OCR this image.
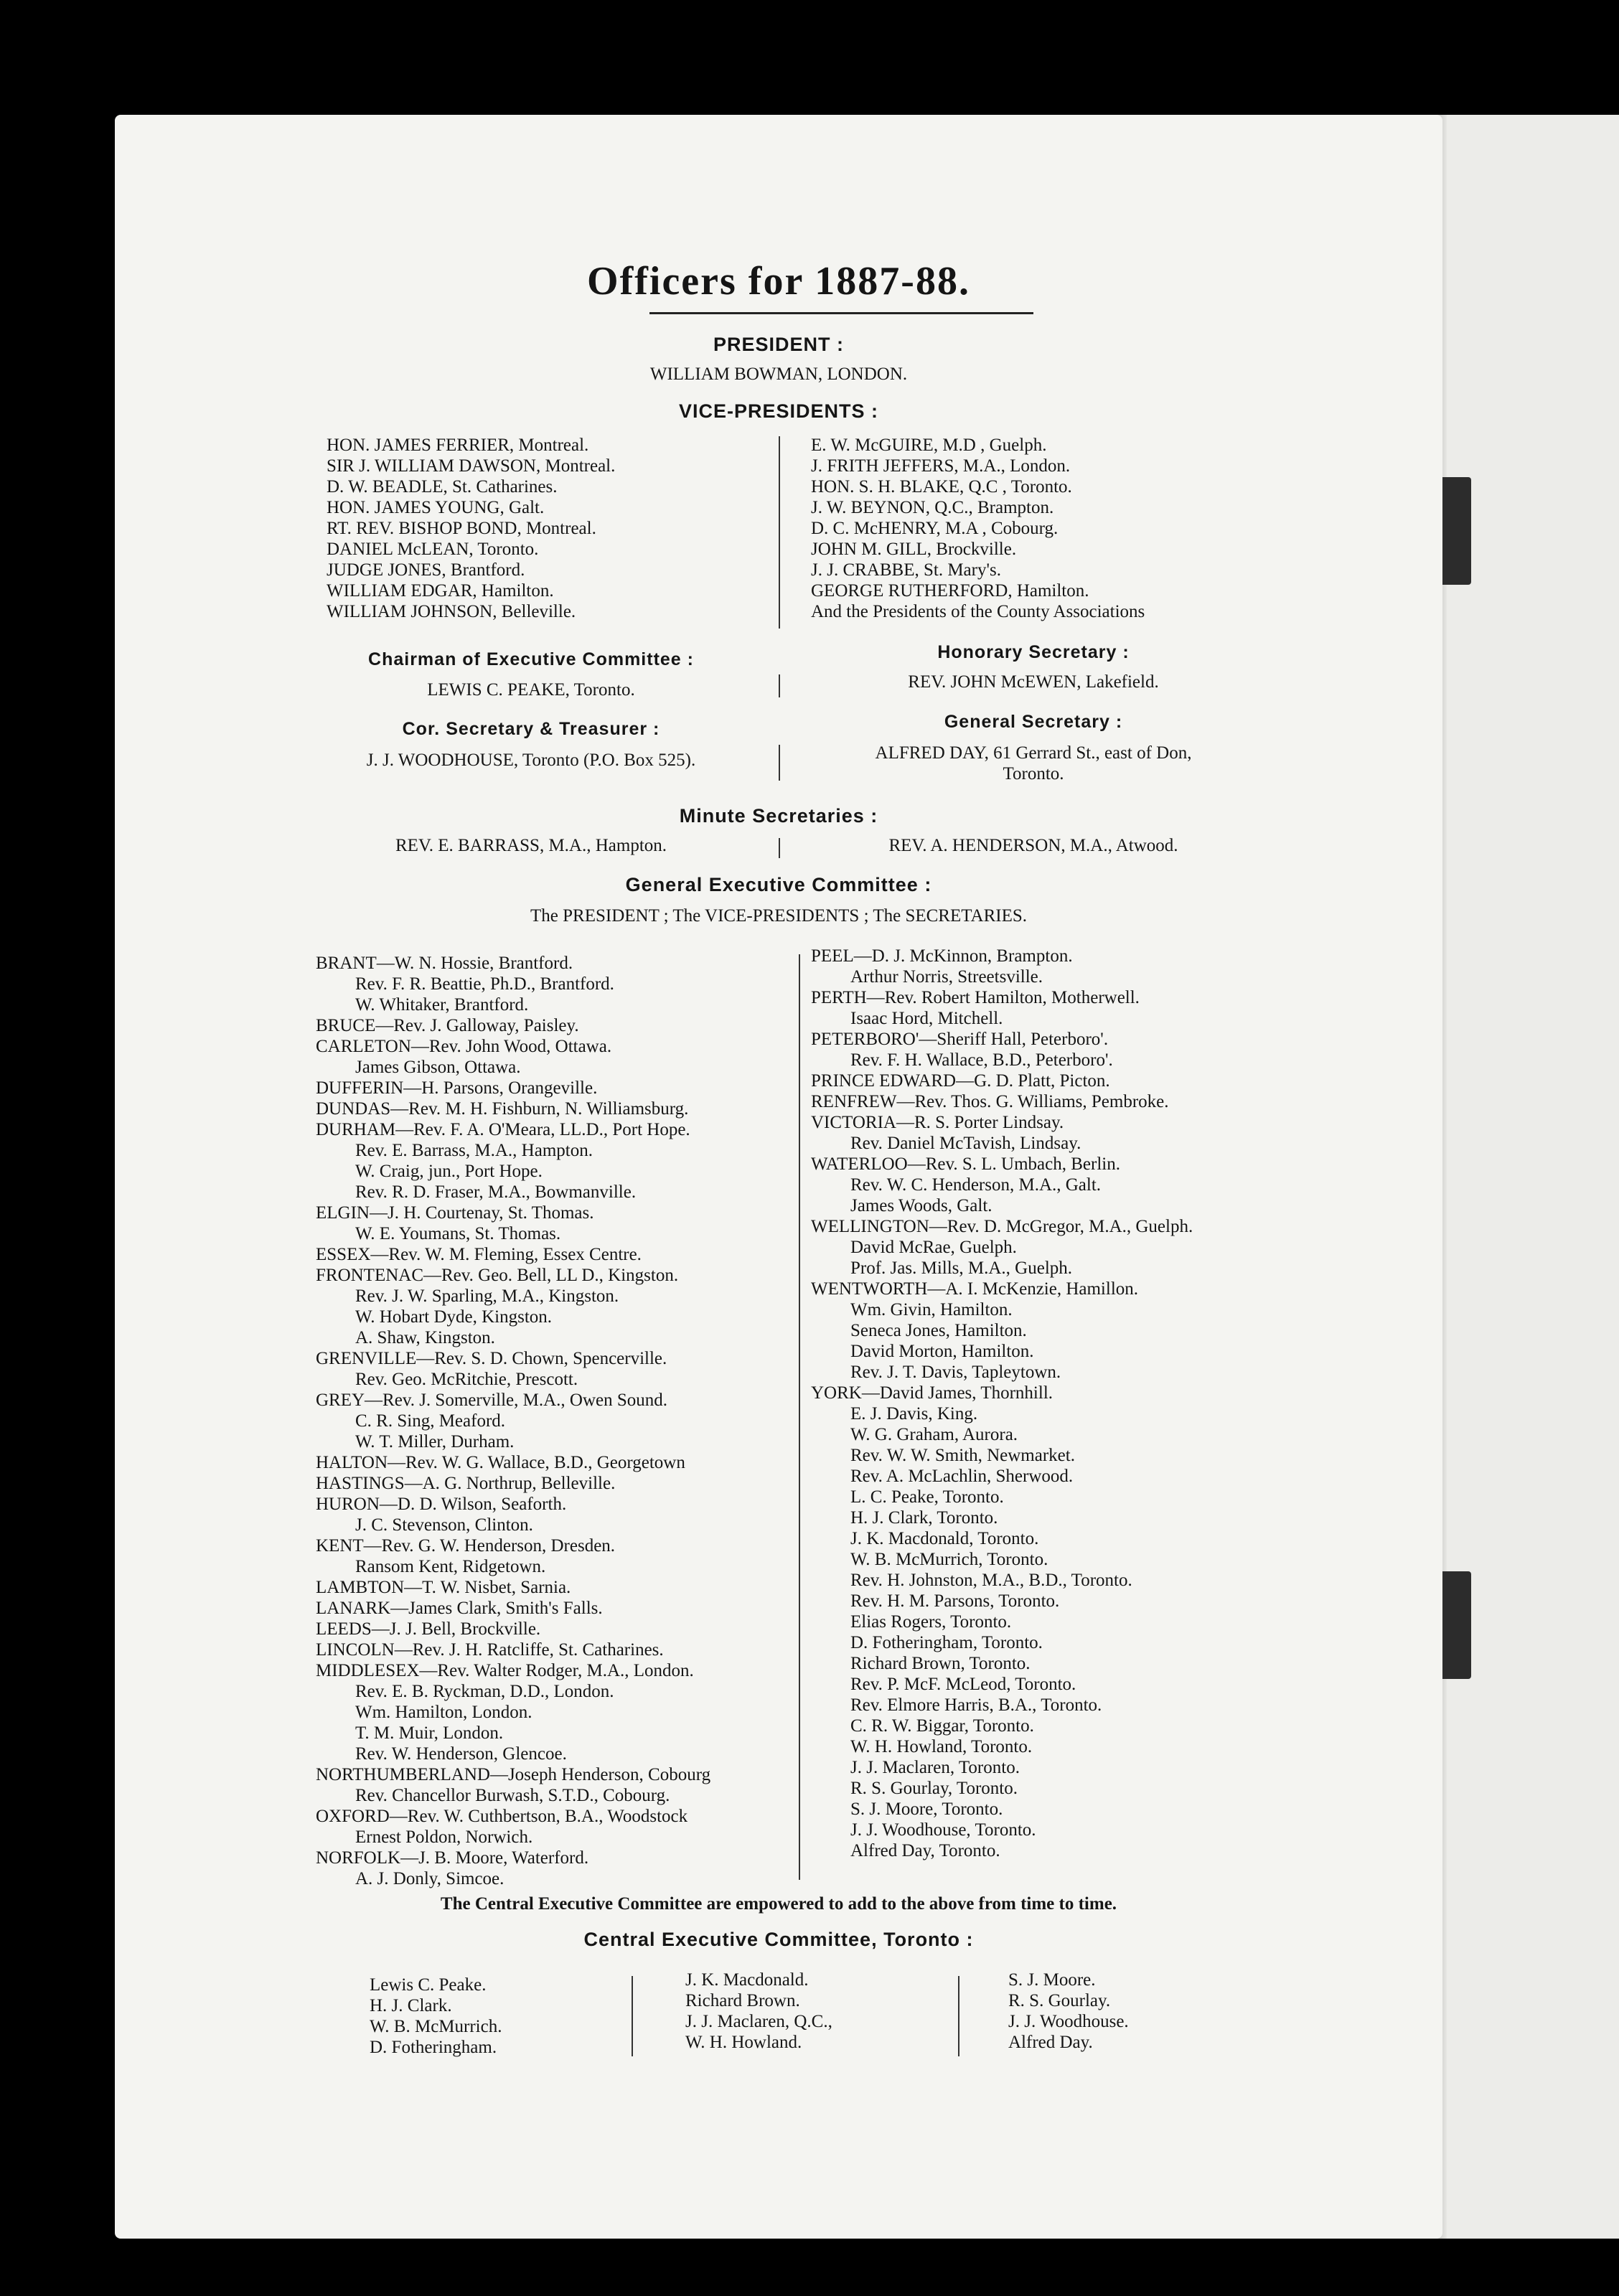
Officers for 1887-88.
PRESIDENT :
WILLIAM BOWMAN, LONDON.
VICE-PRESIDENTS :
HON. JAMES FERRIER, Montreal.
SIR J. WILLIAM DAWSON, Montreal.
D. W. BEADLE, St. Catharines.
HON. JAMES YOUNG, Galt.
RT. REV. BISHOP BOND, Montreal.
DANIEL McLEAN, Toronto.
JUDGE JONES, Brantford.
WILLIAM EDGAR, Hamilton.
WILLIAM JOHNSON, Belleville.
E. W. McGUIRE, M.D , Guelph.
J. FRITH JEFFERS, M.A., London.
HON. S. H. BLAKE, Q.C , Toronto.
J. W. BEYNON, Q.C., Brampton.
D. C. McHENRY, M.A , Cobourg.
JOHN M. GILL, Brockville.
J. J. CRABBE, St. Mary's.
GEORGE RUTHERFORD, Hamilton.
And the Presidents of the County Associations
Chairman of Executive Committee :
LEWIS C. PEAKE, Toronto.
Honorary Secretary :
REV. JOHN McEWEN, Lakefield.
Cor. Secretary & Treasurer :
J. J. WOODHOUSE, Toronto (P.O. Box 525).
General Secretary :
ALFRED DAY, 61 Gerrard St., east of Don,
Toronto.
Minute Secretaries :
REV. E. BARRASS, M.A., Hampton.	REV. A. HENDERSON, M.A., Atwood.
General Executive Committee :
The PRESIDENT ; The VICE-PRESIDENTS ; The SECRETARIES.
BRANT—W. N. Hossie, Brantford.
Rev. F. R. Beattie, Ph.D., Brantford.
W. Whitaker, Brantford.
BRUCE—Rev. J. Galloway, Paisley.
CARLETON—Rev. John Wood, Ottawa.
James Gibson, Ottawa.
DUFFERIN—H. Parsons, Orangeville.
DUNDAS—Rev. M. H. Fishburn, N. Williamsburg.
DURHAM—Rev. F. A. O'Meara, LL.D., Port Hope.
Rev. E. Barrass, M.A., Hampton.
W. Craig, jun., Port Hope.
Rev. R. D. Fraser, M.A., Bowmanville.
ELGIN—J. H. Courtenay, St. Thomas.
W. E. Youmans, St. Thomas.
ESSEX—Rev. W. M. Fleming, Essex Centre.
FRONTENAC—Rev. Geo. Bell, LL D., Kingston.
Rev. J. W. Sparling, M.A., Kingston.
W. Hobart Dyde, Kingston.
A. Shaw, Kingston.
GRENVILLE—Rev. S. D. Chown, Spencerville.
Rev. Geo. McRitchie, Prescott.
GREY—Rev. J. Somerville, M.A., Owen Sound.
C. R. Sing, Meaford.
W. T. Miller, Durham.
HALTON—Rev. W. G. Wallace, B.D., Georgetown
HASTINGS—A. G. Northrup, Belleville.
HURON—D. D. Wilson, Seaforth.
J. C. Stevenson, Clinton.
KENT—Rev. G. W. Henderson, Dresden.
Ransom Kent, Ridgetown.
LAMBTON—T. W. Nisbet, Sarnia.
LANARK—James Clark, Smith's Falls.
LEEDS—J. J. Bell, Brockville.
LINCOLN—Rev. J. H. Ratcliffe, St. Catharines.
MIDDLESEX—Rev. Walter Rodger, M.A., London.
Rev. E. B. Ryckman, D.D., London.
Wm. Hamilton, London.
T. M. Muir, London.
Rev. W. Henderson, Glencoe.
NORTHUMBERLAND—Joseph Henderson, Cobourg
Rev. Chancellor Burwash, S.T.D., Cobourg.
OXFORD—Rev. W. Cuthbertson, B.A., Woodstock
Ernest Poldon, Norwich.
NORFOLK—J. B. Moore, Waterford.
A. J. Donly, Simcoe.
PEEL—D. J. McKinnon, Brampton.
Arthur Norris, Streetsville.
PERTH—Rev. Robert Hamilton, Motherwell.
Isaac Hord, Mitchell.
PETERBORO'—Sheriff Hall, Peterboro'.
Rev. F. H. Wallace, B.D., Peterboro'.
PRINCE EDWARD—G. D. Platt, Picton.
RENFREW—Rev. Thos. G. Williams, Pembroke.
VICTORIA—R. S. Porter Lindsay.
Rev. Daniel McTavish, Lindsay.
WATERLOO—Rev. S. L. Umbach, Berlin.
Rev. W. C. Henderson, M.A., Galt.
James Woods, Galt.
WELLINGTON—Rev. D. McGregor, M.A., Guelph.
David McRae, Guelph.
Prof. Jas. Mills, M.A., Guelph.
WENTWORTH—A. I. McKenzie, Hamillon.
Wm. Givin, Hamilton.
Seneca Jones, Hamilton.
David Morton, Hamilton.
Rev. J. T. Davis, Tapleytown.
YORK—David James, Thornhill.
E. J. Davis, King.
W. G. Graham, Aurora.
Rev. W. W. Smith, Newmarket.
Rev. A. McLachlin, Sherwood.
L. C. Peake, Toronto.
H. J. Clark, Toronto.
J. K. Macdonald, Toronto.
W. B. McMurrich, Toronto.
Rev. H. Johnston, M.A., B.D., Toronto.
Rev. H. M. Parsons, Toronto.
Elias Rogers, Toronto.
D. Fotheringham, Toronto.
Richard Brown, Toronto.
Rev. P. McF. McLeod, Toronto.
Rev. Elmore Harris, B.A., Toronto.
C. R. W. Biggar, Toronto.
W. H. Howland, Toronto.
J. J. Maclaren, Toronto.
R. S. Gourlay, Toronto.
S. J. Moore, Toronto.
J. J. Woodhouse, Toronto.
Alfred Day, Toronto.
The Central Executive Committee are empowered to add to the above from time to time.
Central Executive Committee, Toronto :
Lewis C. Peake.
H. J. Clark.
W. B. McMurrich.
D. Fotheringham.
J. K. Macdonald.
Richard Brown.
J. J. Maclaren, Q.C.,
W. H. Howland.
S. J. Moore.
R. S. Gourlay.
J. J. Woodhouse.
Alfred Day.
